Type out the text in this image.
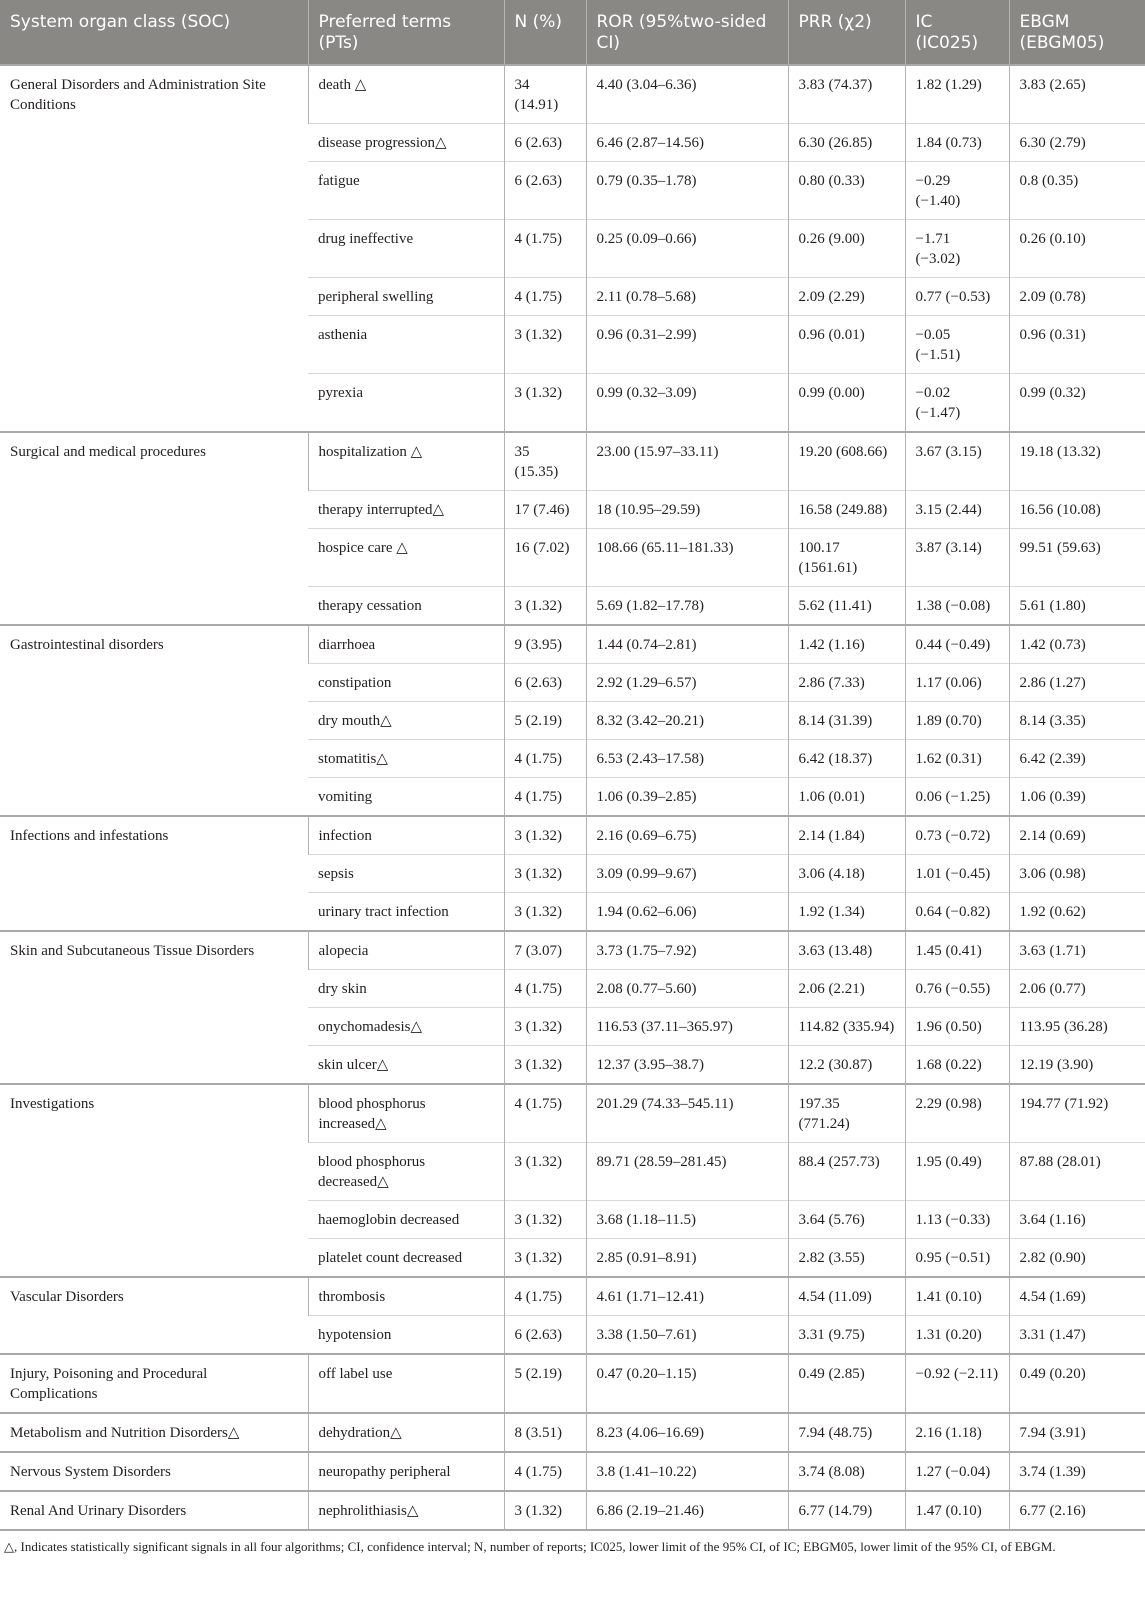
System organ class (SOC)	Preferred terms (PTs)	N (%)	ROR (95%two-sided CI)	PRR (χ2)	IC (IC025)	EBGM (EBGM05)
General Disorders and Administration Site Conditions	death △	34 (14.91)	4.40 (3.04–6.36)	3.83 (74.37)	1.82 (1.29)	3.83 (2.65)
	disease progression△	6 (2.63)	6.46 (2.87–14.56)	6.30 (26.85)	1.84 (0.73)	6.30 (2.79)
	fatigue	6 (2.63)	0.79 (0.35–1.78)	0.80 (0.33)	−0.29 (−1.40)	0.8 (0.35)
	drug ineffective	4 (1.75)	0.25 (0.09–0.66)	0.26 (9.00)	−1.71 (−3.02)	0.26 (0.10)
	peripheral swelling	4 (1.75)	2.11 (0.78–5.68)	2.09 (2.29)	0.77 (−0.53)	2.09 (0.78)
	asthenia	3 (1.32)	0.96 (0.31–2.99)	0.96 (0.01)	−0.05 (−1.51)	0.96 (0.31)
	pyrexia	3 (1.32)	0.99 (0.32–3.09)	0.99 (0.00)	−0.02 (−1.47)	0.99 (0.32)
Surgical and medical procedures	hospitalization △	35 (15.35)	23.00 (15.97–33.11)	19.20 (608.66)	3.67 (3.15)	19.18 (13.32)
	therapy interrupted△	17 (7.46)	18 (10.95–29.59)	16.58 (249.88)	3.15 (2.44)	16.56 (10.08)
	hospice care △	16 (7.02)	108.66 (65.11–181.33)	100.17 (1561.61)	3.87 (3.14)	99.51 (59.63)
	therapy cessation	3 (1.32)	5.69 (1.82–17.78)	5.62 (11.41)	1.38 (−0.08)	5.61 (1.80)
Gastrointestinal disorders	diarrhoea	9 (3.95)	1.44 (0.74–2.81)	1.42 (1.16)	0.44 (−0.49)	1.42 (0.73)
	constipation	6 (2.63)	2.92 (1.29–6.57)	2.86 (7.33)	1.17 (0.06)	2.86 (1.27)
	dry mouth△	5 (2.19)	8.32 (3.42–20.21)	8.14 (31.39)	1.89 (0.70)	8.14 (3.35)
	stomatitis△	4 (1.75)	6.53 (2.43–17.58)	6.42 (18.37)	1.62 (0.31)	6.42 (2.39)
	vomiting	4 (1.75)	1.06 (0.39–2.85)	1.06 (0.01)	0.06 (−1.25)	1.06 (0.39)
Infections and infestations	infection	3 (1.32)	2.16 (0.69–6.75)	2.14 (1.84)	0.73 (−0.72)	2.14 (0.69)
	sepsis	3 (1.32)	3.09 (0.99–9.67)	3.06 (4.18)	1.01 (−0.45)	3.06 (0.98)
	urinary tract infection	3 (1.32)	1.94 (0.62–6.06)	1.92 (1.34)	0.64 (−0.82)	1.92 (0.62)
Skin and Subcutaneous Tissue Disorders	alopecia	7 (3.07)	3.73 (1.75–7.92)	3.63 (13.48)	1.45 (0.41)	3.63 (1.71)
	dry skin	4 (1.75)	2.08 (0.77–5.60)	2.06 (2.21)	0.76 (−0.55)	2.06 (0.77)
	onychomadesis△	3 (1.32)	116.53 (37.11–365.97)	114.82 (335.94)	1.96 (0.50)	113.95 (36.28)
	skin ulcer△	3 (1.32)	12.37 (3.95–38.7)	12.2 (30.87)	1.68 (0.22)	12.19 (3.90)
Investigations	blood phosphorus increased△	4 (1.75)	201.29 (74.33–545.11)	197.35 (771.24)	2.29 (0.98)	194.77 (71.92)
	blood phosphorus decreased△	3 (1.32)	89.71 (28.59–281.45)	88.4 (257.73)	1.95 (0.49)	87.88 (28.01)
	haemoglobin decreased	3 (1.32)	3.68 (1.18–11.5)	3.64 (5.76)	1.13 (−0.33)	3.64 (1.16)
	platelet count decreased	3 (1.32)	2.85 (0.91–8.91)	2.82 (3.55)	0.95 (−0.51)	2.82 (0.90)
Vascular Disorders	thrombosis	4 (1.75)	4.61 (1.71–12.41)	4.54 (11.09)	1.41 (0.10)	4.54 (1.69)
	hypotension	6 (2.63)	3.38 (1.50–7.61)	3.31 (9.75)	1.31 (0.20)	3.31 (1.47)
Injury, Poisoning and Procedural Complications	off label use	5 (2.19)	0.47 (0.20–1.15)	0.49 (2.85)	−0.92 (−2.11)	0.49 (0.20)
Metabolism and Nutrition Disorders△	dehydration△	8 (3.51)	8.23 (4.06–16.69)	7.94 (48.75)	2.16 (1.18)	7.94 (3.91)
Nervous System Disorders	neuropathy peripheral	4 (1.75)	3.8 (1.41–10.22)	3.74 (8.08)	1.27 (−0.04)	3.74 (1.39)
Renal And Urinary Disorders	nephrolithiasis△	3 (1.32)	6.86 (2.19–21.46)	6.77 (14.79)	1.47 (0.10)	6.77 (2.16)
△, Indicates statistically significant signals in all four algorithms; CI, confidence interval; N, number of reports; IC025, lower limit of the 95% CI, of IC; EBGM05, lower limit of the 95% CI, of EBGM.
